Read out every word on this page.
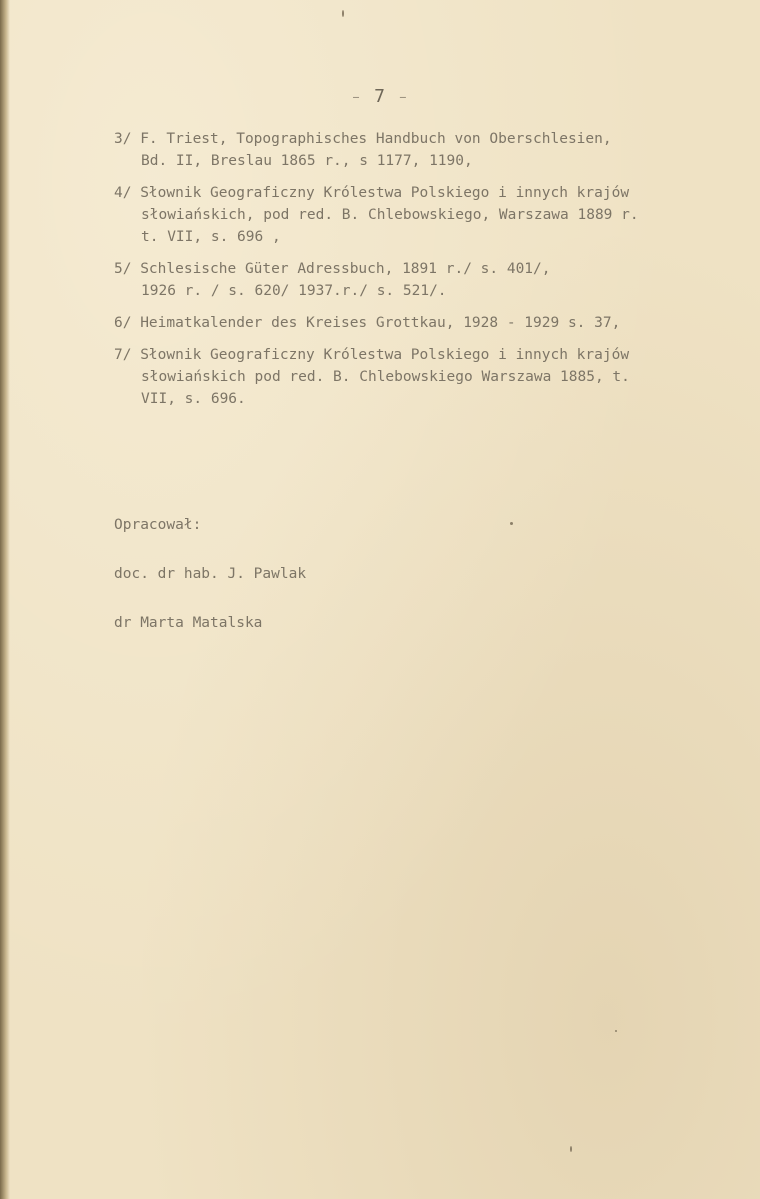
– 7 –
3/ F. Triest, Topographisches Handbuch von Oberschlesien,
Bd. II, Breslau 1865 r., s 1177, 1190,
4/ Słownik Geograficzny Królestwa Polskiego i innych krajów
słowiańskich, pod red. B. Chlebowskiego, Warszawa 1889 r.
t. VII, s. 696 ,
5/ Schlesische Güter Adressbuch, 1891 r./ s. 401/,
1926 r. / s. 620/ 1937.r./ s. 521/.
6/ Heimatkalender des Kreises Grottkau, 1928 - 1929 s. 37,
7/ Słownik Geograficzny Królestwa Polskiego i innych krajów
słowiańskich pod red. B. Chlebowskiego Warszawa 1885, t.
VII, s. 696.
Opracował:
doc. dr hab. J. Pawlak
dr Marta Matalska
